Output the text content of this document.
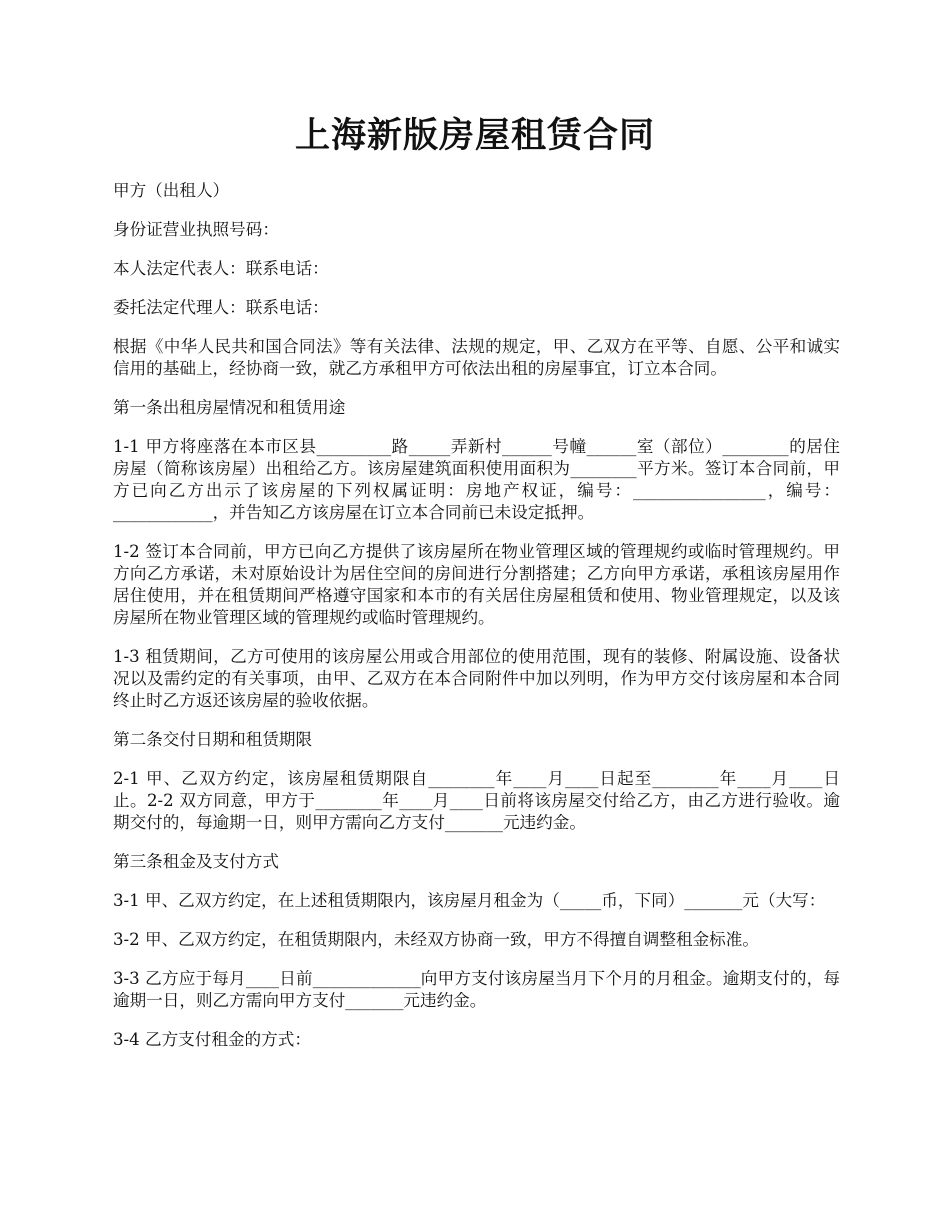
上海新版房屋租赁合同

甲方（出租人）

身份证营业执照号码：

本人法定代表人：联系电话：

委托法定代理人：联系电话：

根据《中华人民共和国合同法》等有关法律、法规的规定，甲、乙双方在平等、自愿、公平和诚实信用的基础上，经协商一致，就乙方承租甲方可依法出租的房屋事宜，订立本合同。

第一条出租房屋情况和租赁用途

1-1 甲方将座落在本市区县_________路_____弄新村______号幢______室（部位）________的居住房屋（简称该房屋）出租给乙方。该房屋建筑面积使用面积为________平方米。签订本合同前，甲方已向乙方出示了该房屋的下列权属证明：房地产权证，编号：________________，编号：____________，并告知乙方该房屋在订立本合同前已未设定抵押。

1-2 签订本合同前，甲方已向乙方提供了该房屋所在物业管理区域的管理规约或临时管理规约。甲方向乙方承诺，未对原始设计为居住空间的房间进行分割搭建；乙方向甲方承诺，承租该房屋用作居住使用，并在租赁期间严格遵守国家和本市的有关居住房屋租赁和使用、物业管理规定，以及该房屋所在物业管理区域的管理规约或临时管理规约。

1-3 租赁期间，乙方可使用的该房屋公用或合用部位的使用范围，现有的装修、附属设施、设备状况以及需约定的有关事项，由甲、乙双方在本合同附件中加以列明，作为甲方交付该房屋和本合同终止时乙方返还该房屋的验收依据。

第二条交付日期和租赁期限

2-1 甲、乙双方约定，该房屋租赁期限自________年____月____日起至________年____月____日止。2-2 双方同意，甲方于________年____月____日前将该房屋交付给乙方，由乙方进行验收。逾期交付的，每逾期一日，则甲方需向乙方支付_______元违约金。

第三条租金及支付方式

3-1 甲、乙双方约定，在上述租赁期限内，该房屋月租金为（_____币，下同）_______元（大写：

3-2 甲、乙双方约定，在租赁期限内，未经双方协商一致，甲方不得擅自调整租金标准。

3-3 乙方应于每月____日前_____________向甲方支付该房屋当月下个月的月租金。逾期支付的，每逾期一日，则乙方需向甲方支付_______元违约金。

3-4 乙方支付租金的方式：
